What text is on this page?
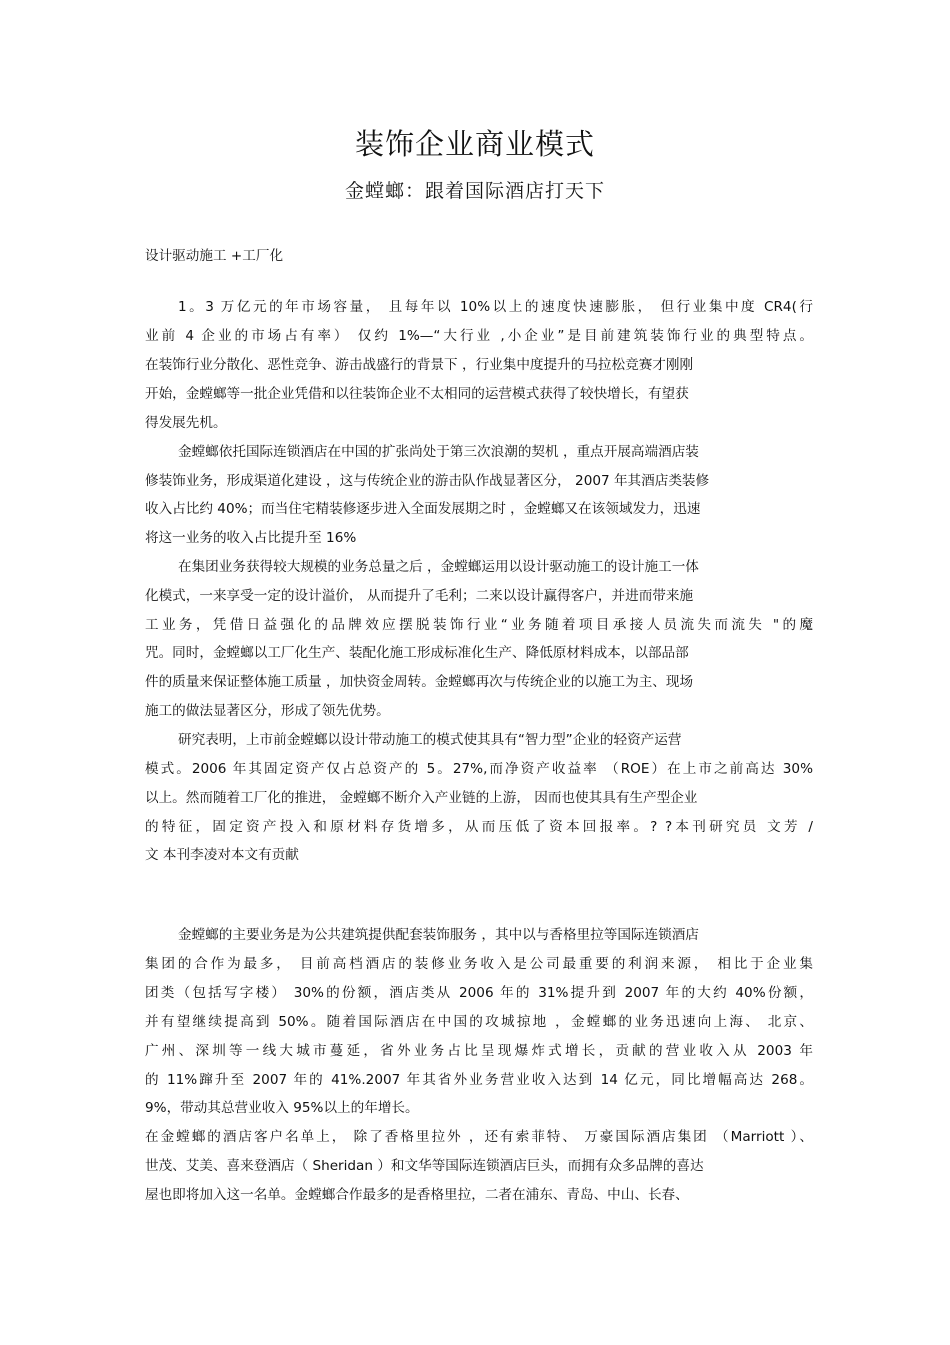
装饰企业商业模式
金螳螂：跟着国际酒店打天下
设计驱动施工 +工厂化
1。3 万亿元的年市场容量， 且每年以 10%以上的速度快速膨胀， 但行业集中度 CR4(行
业前 4 企业的市场占有率） 仅约 1%—“大行业 ,小企业”是目前建筑装饰行业的典型特点。
在装饰行业分散化、恶性竞争、游击战盛行的背景下 ，行业集中度提升的马拉松竞赛才刚刚
开始，金螳螂等一批企业凭借和以往装饰企业不太相同的运营模式获得了较快增长，有望获
得发展先机。
金螳螂依托国际连锁酒店在中国的扩张尚处于第三次浪潮的契机 ，重点开展高端酒店装
修装饰业务，形成渠道化建设 ，这与传统企业的游击队作战显著区分， 2007 年其酒店类装修
收入占比约 40%；而当住宅精装修逐步进入全面发展期之时 ，金螳螂又在该领域发力，迅速
将这一业务的收入占比提升至 16%
在集团业务获得较大规模的业务总量之后 ，金螳螂运用以设计驱动施工的设计施工一体
化模式，一来享受一定的设计溢价， 从而提升了毛利；二来以设计赢得客户，并进而带来施
工业务，凭借日益强化的品牌效应摆脱装饰行业“业务随着项目承接人员流失而流失 "的魔
咒。同时，金螳螂以工厂化生产、装配化施工形成标准化生产、降低原材料成本，以部品部
件的质量来保证整体施工质量 ，加快资金周转。金螳螂再次与传统企业的以施工为主、现场
施工的做法显著区分，形成了领先优势。
研究表明，上市前金螳螂以设计带动施工的模式使其具有“智力型”企业的轻资产运营
模式。2006 年其固定资产仅占总资产的 5。27%,而净资产收益率 （ROE）在上市之前高达 30%
以上。然而随着工厂化的推进， 金螳螂不断介入产业链的上游， 因而也使其具有生产型企业
的特征，固定资产投入和原材料存货增多，从而压低了资本回报率。? ?本刊研究员 文芳 /
文 本刊李凌对本文有贡献
金螳螂的主要业务是为公共建筑提供配套装饰服务 ，其中以与香格里拉等国际连锁酒店
集团的合作为最多， 目前高档酒店的装修业务收入是公司最重要的利润来源， 相比于企业集
团类（包括写字楼） 30%的份额，酒店类从 2006 年的 31%提升到 2007 年的大约 40%份额，
并有望继续提高到 50%。随着国际酒店在中国的攻城掠地 ，金螳螂的业务迅速向上海、 北京、
广州、深圳等一线大城市蔓延，省外业务占比呈现爆炸式增长，贡献的营业收入从 2003 年
的 11%蹿升至 2007 年的 41%.2007 年其省外业务营业收入达到 14 亿元，同比增幅高达 268。
9%，带动其总营业收入 95%以上的年增长。
在金螳螂的酒店客户名单上， 除了香格里拉外 ，还有索菲特、 万豪国际酒店集团 （Marriott ）、
世茂、艾美、喜来登酒店（ Sheridan ）和文华等国际连锁酒店巨头，而拥有众多品牌的喜达
屋也即将加入这一名单。金螳螂合作最多的是香格里拉，二者在浦东、青岛、中山、长春、
